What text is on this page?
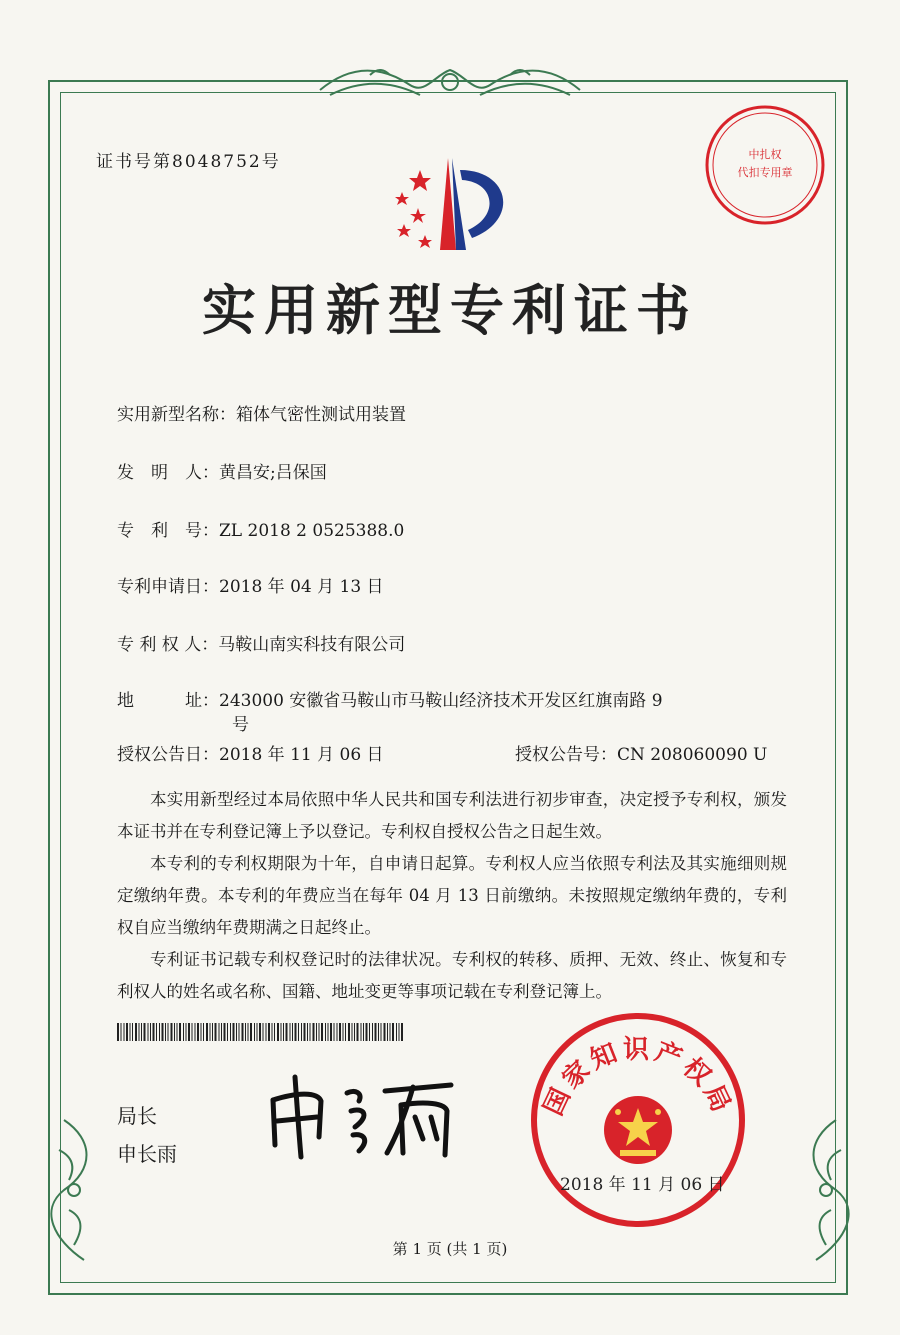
证书号第8048752号	中扎权
代扣专用章
实用新型专利证书
实用新型名称：箱体气密性测试用装置
发　明　人：黄昌安;吕保国
专　利　号：ZL 2018 2 0525388.0
专利申请日：2018 年 04 月 13 日
专 利 权 人：马鞍山南实科技有限公司
地　　　址：243000 安徽省马鞍山市马鞍山经济技术开发区红旗南路 9
号
授权公告日：2018 年 11 月 06 日	授权公告号：CN 208060090 U

本实用新型经过本局依照中华人民共和国专利法进行初步审查，决定授予专利权，颁发本证书并在专利登记簿上予以登记。专利权自授权公告之日起生效。

本专利的专利权期限为十年，自申请日起算。专利权人应当依照专利法及其实施细则规定缴纳年费。本专利的年费应当在每年 04 月 13 日前缴纳。未按照规定缴纳年费的，专利权自应当缴纳年费期满之日起终止。

专利证书记载专利权登记时的法律状况。专利权的转移、质押、无效、终止、恢复和专利权人的姓名或名称、国籍、地址变更等事项记载在专利登记簿上。

局长
申长雨
国家知识产权局
2018 年 11 月 06 日
第 1 页 (共 1 页)
